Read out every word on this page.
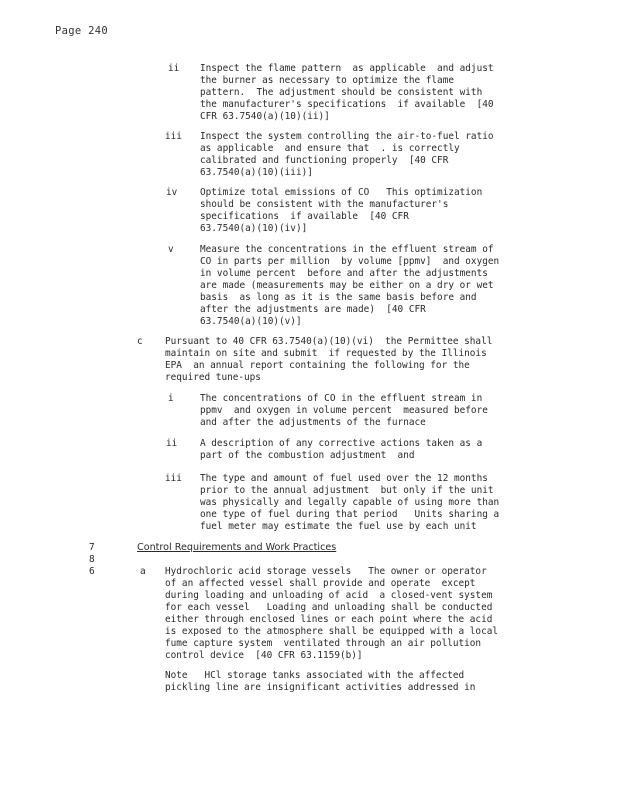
Page 240
ii Inspect the flame pattern  as applicable  and adjust
the burner as necessary to optimize the flame
pattern.  The adjustment should be consistent with
the manufacturer's specifications  if available  [40
CFR 63.7540(a)(10)(ii)]
iii Inspect the system controlling the air-to-fuel ratio
as applicable  and ensure that  . is correctly
calibrated and functioning properly  [40 CFR
63.7540(a)(10)(iii)]
iv Optimize total emissions of CO   This optimization
should be consistent with the manufacturer's
specifications  if available  [40 CFR
63.7540(a)(10)(iv)]
v	Measure the concentrations in the effluent stream of
CO in parts per million  by volume [ppmv]  and oxygen
in volume percent  before and after the adjustments
are made (measurements may be either on a dry or wet
basis  as long as it is the same basis before and
after the adjustments are made)  [40 CFR
63.7540(a)(10)(v)]
c Pursuant to 40 CFR 63.7540(a)(10)(vi)  the Permittee shall
maintain on site and submit  if requested by the Illinois
EPA  an annual report containing the following for the
required tune-ups
i	The concentrations of CO in the effluent stream in
ppmv  and oxygen in volume percent  measured before
and after the adjustments of the furnace
ii A description of any corrective actions taken as a
part of the combustion adjustment  and
iii The type and amount of fuel used over the 12 months
prior to the annual adjustment  but only if the unit
was physically and legally capable of using more than
one type of fuel during that period   Units sharing a
fuel meter may estimate the fuel use by each unit
7 8 6
Control Requirements and Work Practices
a Hydrochloric acid storage vessels   The owner or operator
of an affected vessel shall provide and operate  except
during loading and unloading of acid  a closed-vent system
for each vessel   Loading and unloading shall be conducted
either through enclosed lines or each point where the acid
is exposed to the atmosphere shall be equipped with a local
fume capture system  ventilated through an air pollution
control device  [40 CFR 63.1159(b)]
Note   HCl storage tanks associated with the affected
pickling line are insignificant activities addressed in
